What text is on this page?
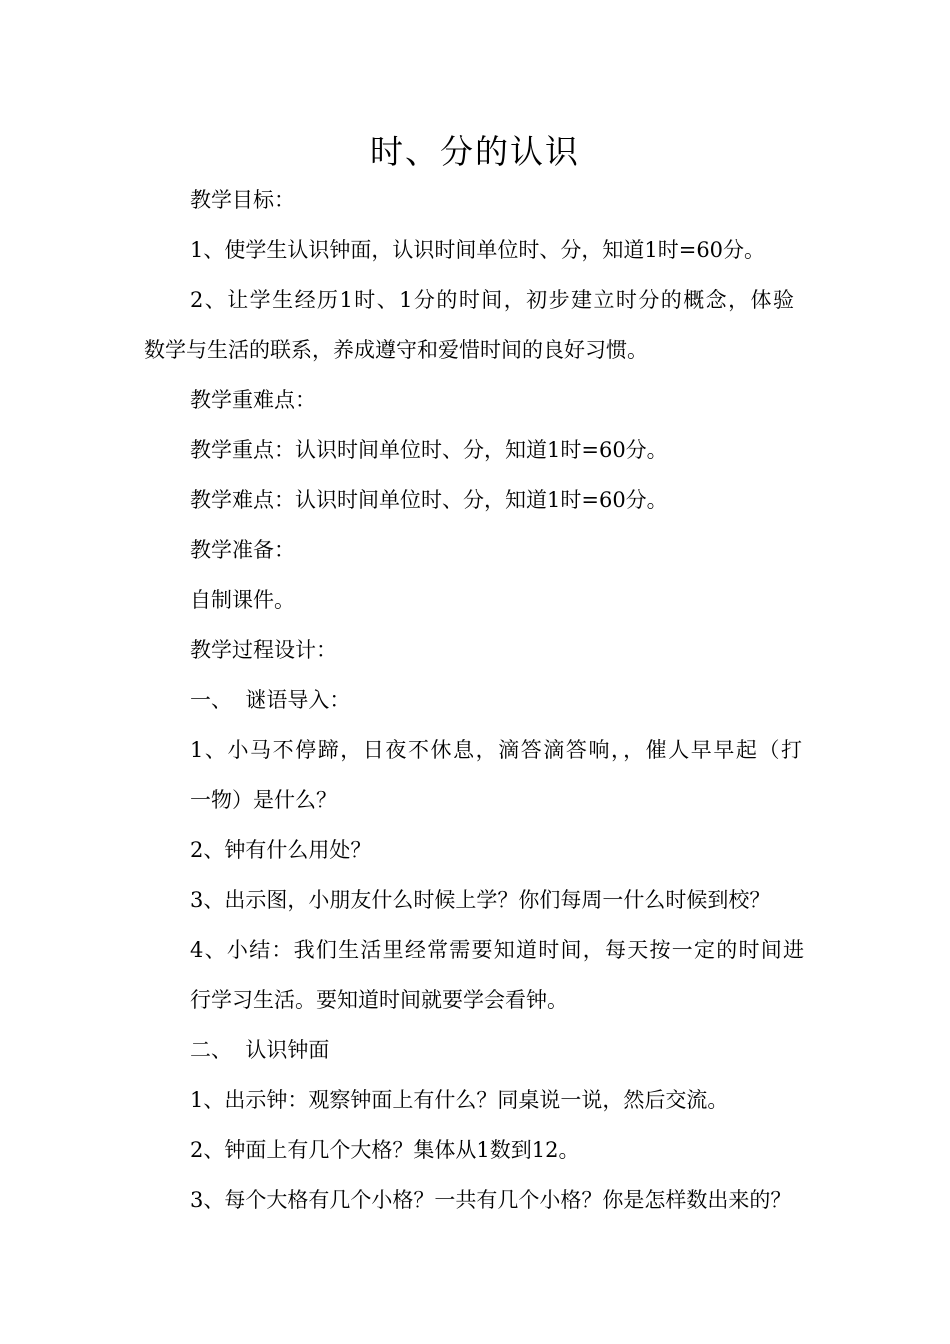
时、分的认识
教学目标：
1、使学生认识钟面，认识时间单位时、分，知道1时=60分。
2、让学生经历1时、1分的时间，初步建立时分的概念，体验
数学与生活的联系，养成遵守和爱惜时间的良好习惯。
教学重难点：
教学重点：认识时间单位时、分，知道1时=60分。
教学难点：认识时间单位时、分，知道1时=60分。
教学准备：
自制课件。
教学过程设计：
一、  谜语导入：
1、小马不停蹄，日夜不休息，滴答滴答响，，催人早早起（打
一物）是什么？
2、钟有什么用处？
3、出示图，小朋友什么时候上学？你们每周一什么时候到校？
4、小结：我们生活里经常需要知道时间，每天按一定的时间进
行学习生活。要知道时间就要学会看钟。
二、  认识钟面
1、出示钟：观察钟面上有什么？同桌说一说，然后交流。
2、钟面上有几个大格？集体从1数到12。
3、每个大格有几个小格？一共有几个小格？你是怎样数出来的？
